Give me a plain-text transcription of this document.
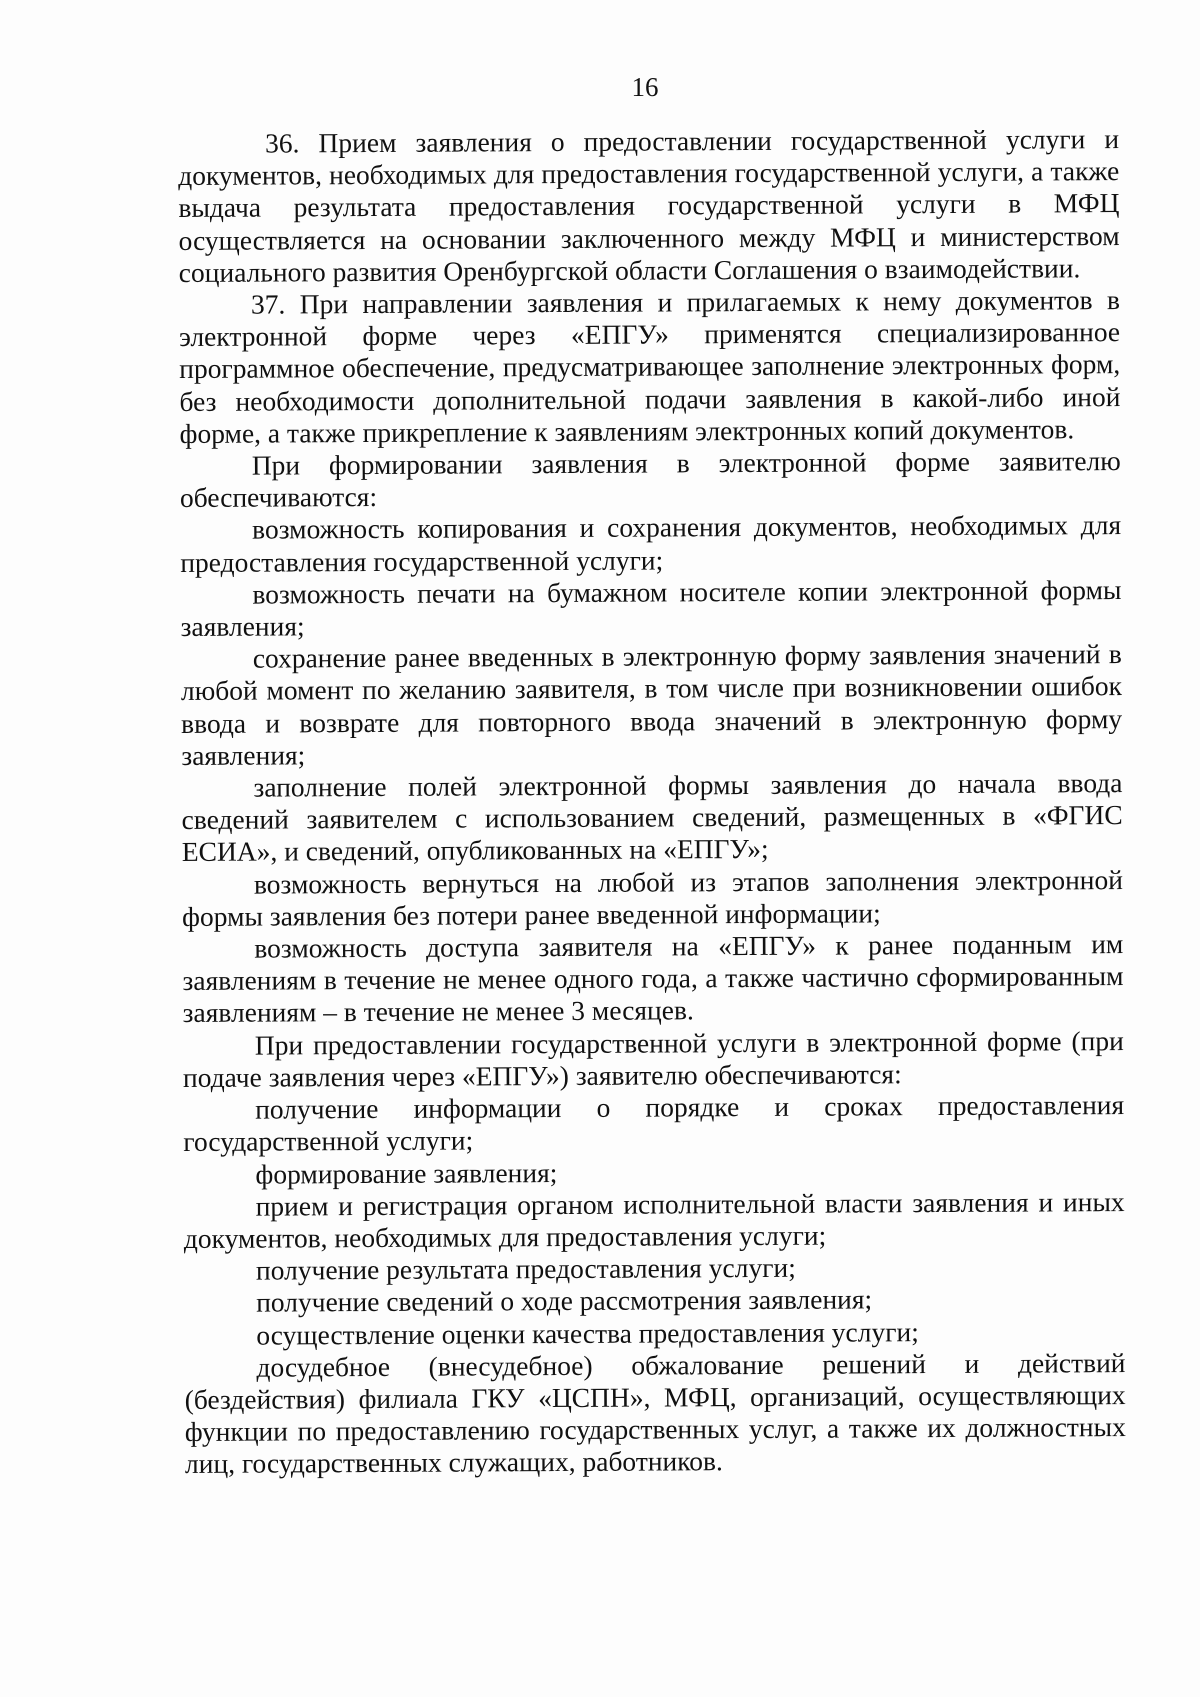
16

36. Прием заявления о предоставлении государственной услуги и документов, необходимых для предоставления государственной услуги, а также выдача результата предоставления государственной услуги в МФЦ осуществляется на основании заключенного между МФЦ и министерством социального развития Оренбургской области Соглашения о взаимодействии.

37. При направлении заявления и прилагаемых к нему документов в электронной форме через «ЕПГУ» применятся специализированное программное обеспечение, предусматривающее заполнение электронных форм, без необходимости дополнительной подачи заявления в какой-либо иной форме, а также прикрепление к заявлениям электронных копий документов.

При формировании заявления в электронной форме заявителю обеспечиваются:

возможность копирования и сохранения документов, необходимых для предоставления государственной услуги;

возможность печати на бумажном носителе копии электронной формы заявления;

сохранение ранее введенных в электронную форму заявления значений в любой момент по желанию заявителя, в том числе при возникновении ошибок ввода и возврате для повторного ввода значений в электронную форму заявления;

заполнение полей электронной формы заявления до начала ввода сведений заявителем с использованием сведений, размещенных в «ФГИС ЕСИА», и сведений, опубликованных на «ЕПГУ»;

возможность вернуться на любой из этапов заполнения электронной формы заявления без потери ранее введенной информации;

возможность доступа заявителя на «ЕПГУ» к ранее поданным им заявлениям в течение не менее одного года, а также частично сформированным заявлениям – в течение не менее 3 месяцев.

При предоставлении государственной услуги в электронной форме (при подаче заявления через «ЕПГУ») заявителю обеспечиваются:

получение информации о порядке и сроках предоставления государственной услуги;

формирование заявления;

прием и регистрация органом исполнительной власти заявления и иных документов, необходимых для предоставления услуги;

получение результата предоставления услуги;

получение сведений о ходе рассмотрения заявления;

осуществление оценки качества предоставления услуги;

досудебное (внесудебное) обжалование решений и действий (бездействия) филиала ГКУ «ЦСПН», МФЦ, организаций, осуществляющих функции по предоставлению государственных услуг, а также их должностных лиц, государственных служащих, работников.
